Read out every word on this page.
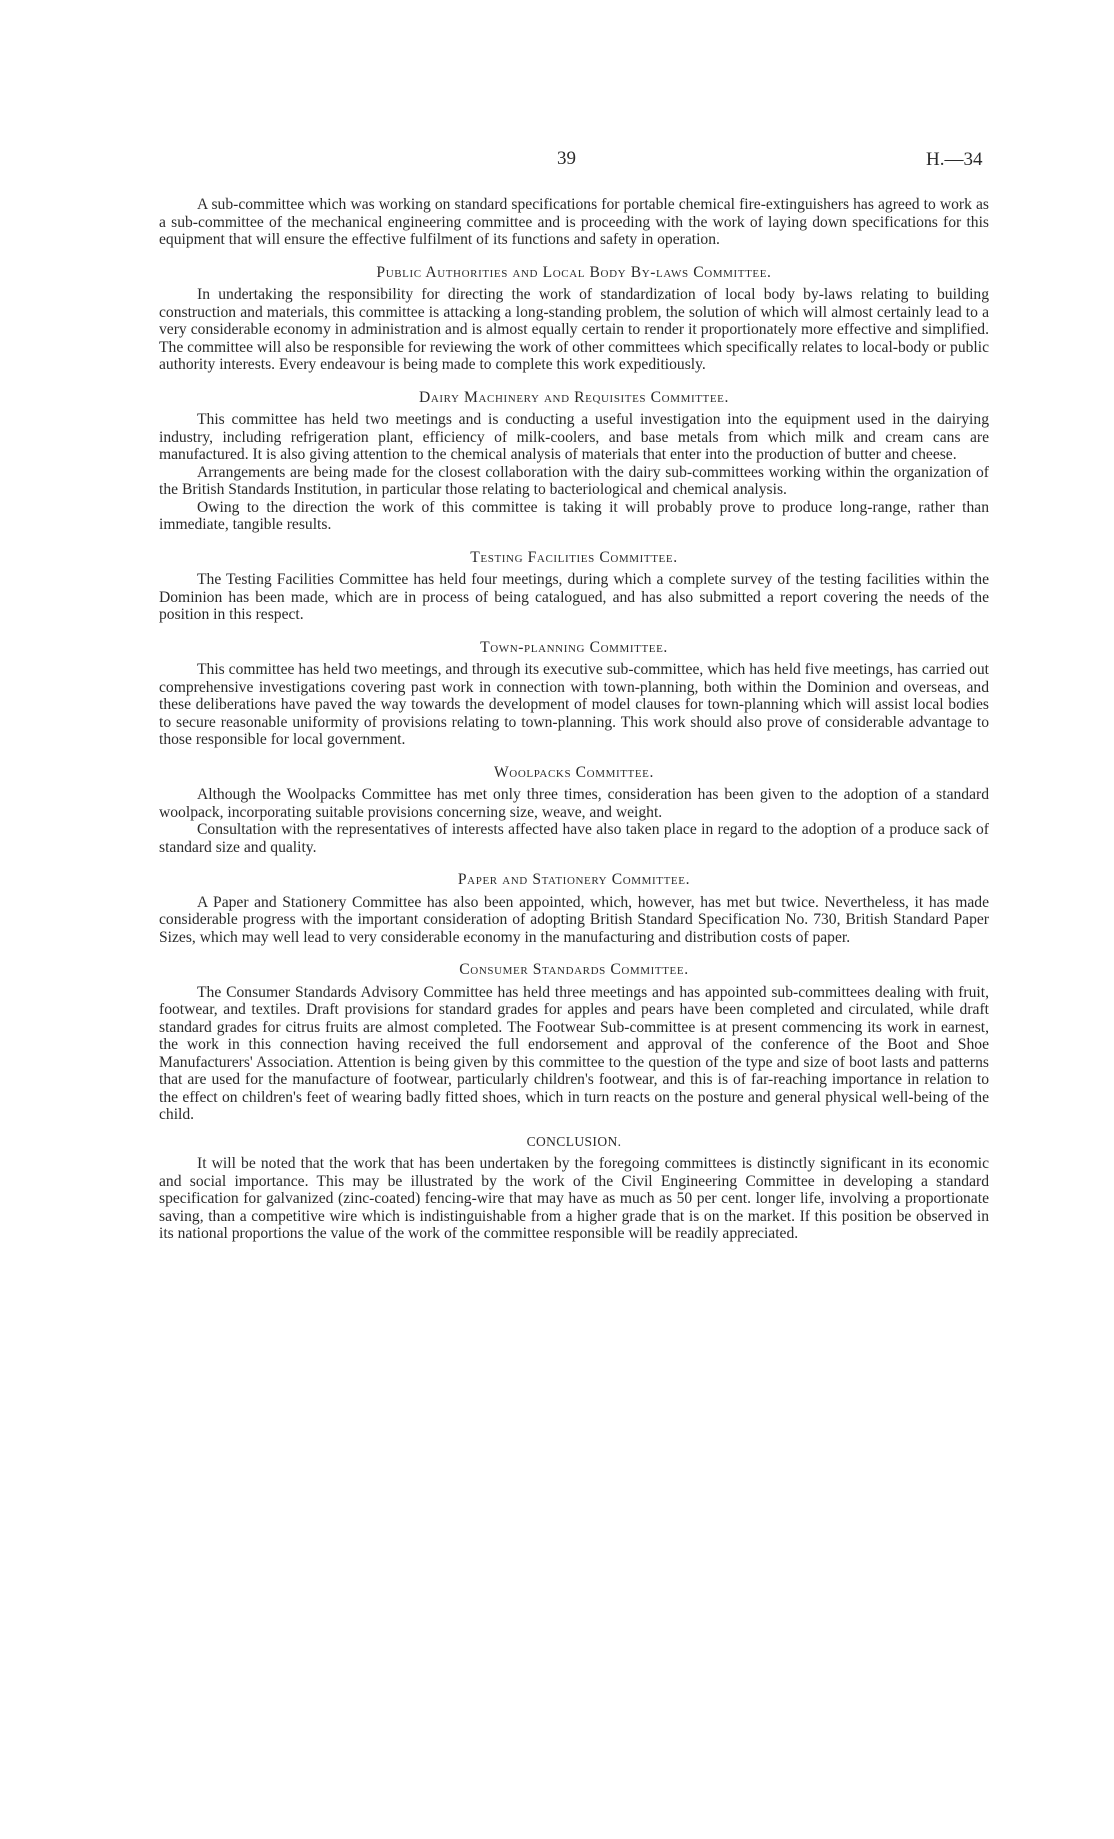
39	H.—34

A sub-committee which was working on standard specifications for portable chemical fire-extinguishers has agreed to work as a sub-committee of the mechanical engineering committee and is proceeding with the work of laying down specifications for this equipment that will ensure the effective fulfilment of its functions and safety in operation.

Public Authorities and Local Body By-laws Committee.

In undertaking the responsibility for directing the work of standardization of local body by-laws relating to building construction and materials, this committee is attacking a long-standing problem, the solution of which will almost certainly lead to a very considerable economy in administration and is almost equally certain to render it proportionately more effective and simplified. The committee will also be responsible for reviewing the work of other committees which specifically relates to local-body or public authority interests. Every endeavour is being made to complete this work expeditiously.

Dairy Machinery and Requisites Committee.

This committee has held two meetings and is conducting a useful investigation into the equipment used in the dairying industry, including refrigeration plant, efficiency of milk-coolers, and base metals from which milk and cream cans are manufactured. It is also giving attention to the chemical analysis of materials that enter into the production of butter and cheese.

Arrangements are being made for the closest collaboration with the dairy sub-committees working within the organization of the British Standards Institution, in particular those relating to bacteriological and chemical analysis.

Owing to the direction the work of this committee is taking it will probably prove to produce long-range, rather than immediate, tangible results.

Testing Facilities Committee.

The Testing Facilities Committee has held four meetings, during which a complete survey of the testing facilities within the Dominion has been made, which are in process of being catalogued, and has also submitted a report covering the needs of the position in this respect.

Town-planning Committee.

This committee has held two meetings, and through its executive sub-committee, which has held five meetings, has carried out comprehensive investigations covering past work in connection with town-planning, both within the Dominion and overseas, and these deliberations have paved the way towards the development of model clauses for town-planning which will assist local bodies to secure reasonable uniformity of provisions relating to town-planning. This work should also prove of considerable advantage to those responsible for local government.

Woolpacks Committee.

Although the Woolpacks Committee has met only three times, consideration has been given to the adoption of a standard woolpack, incorporating suitable provisions concerning size, weave, and weight.

Consultation with the representatives of interests affected have also taken place in regard to the adoption of a produce sack of standard size and quality.

Paper and Stationery Committee.

A Paper and Stationery Committee has also been appointed, which, however, has met but twice. Nevertheless, it has made considerable progress with the important consideration of adopting British Standard Specification No. 730, British Standard Paper Sizes, which may well lead to very considerable economy in the manufacturing and distribution costs of paper.

Consumer Standards Committee.

The Consumer Standards Advisory Committee has held three meetings and has appointed sub-committees dealing with fruit, footwear, and textiles. Draft provisions for standard grades for apples and pears have been completed and circulated, while draft standard grades for citrus fruits are almost completed. The Footwear Sub-committee is at present commencing its work in earnest, the work in this connection having received the full endorsement and approval of the conference of the Boot and Shoe Manufacturers' Association. Attention is being given by this committee to the question of the type and size of boot lasts and patterns that are used for the manufacture of footwear, particularly children's footwear, and this is of far-reaching importance in relation to the effect on children's feet of wearing badly fitted shoes, which in turn reacts on the posture and general physical well-being of the child.

CONCLUSION.

It will be noted that the work that has been undertaken by the foregoing committees is distinctly significant in its economic and social importance. This may be illustrated by the work of the Civil Engineering Committee in developing a standard specification for galvanized (zinc-coated) fencing-wire that may have as much as 50 per cent. longer life, involving a proportionate saving, than a competitive wire which is indistinguishable from a higher grade that is on the market. If this position be observed in its national proportions the value of the work of the committee responsible will be readily appreciated.
